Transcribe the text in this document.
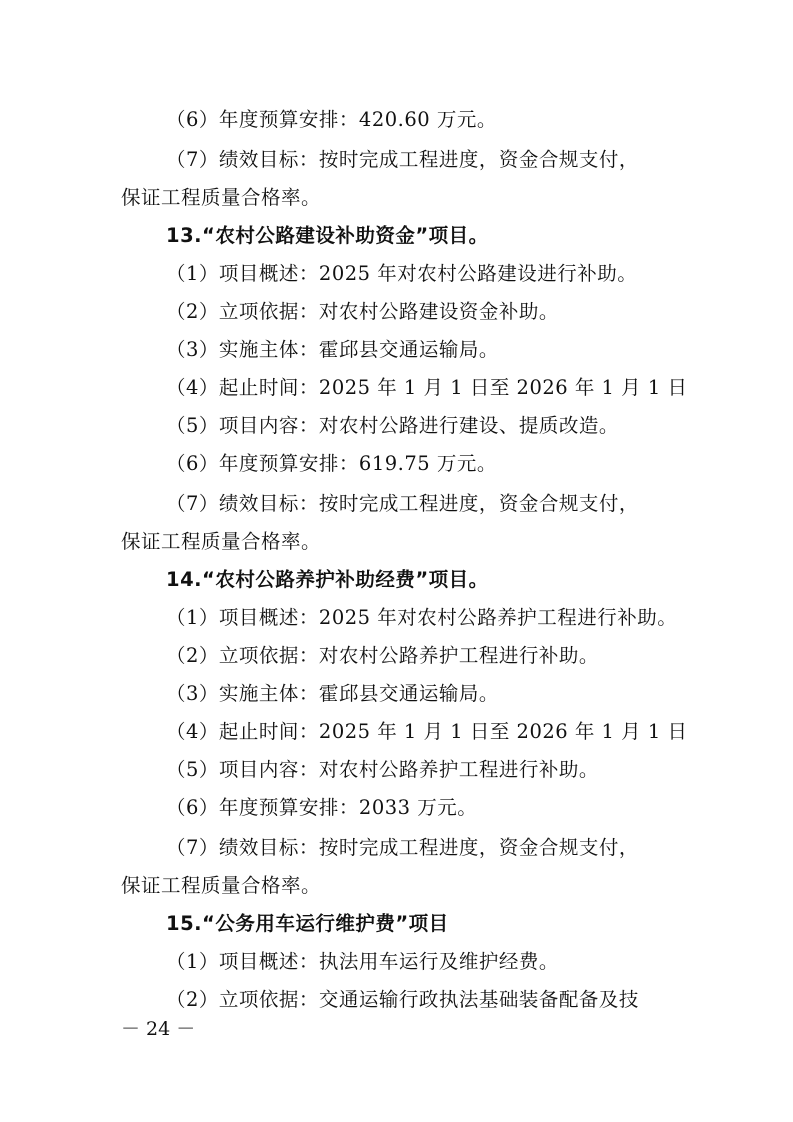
（6）年度预算安排：420.60 万元。
（7）绩效目标：按时完成工程进度，资金合规支付，
保证工程质量合格率。
13.“农村公路建设补助资金”项目。
（1）项目概述：2025 年对农村公路建设进行补助。
（2）立项依据：对农村公路建设资金补助。
（3）实施主体：霍邱县交通运输局。
（4）起止时间：2025 年 1 月 1 日至 2026 年 1 月 1 日
（5）项目内容：对农村公路进行建设、提质改造。
（6）年度预算安排：619.75 万元。
（7）绩效目标：按时完成工程进度，资金合规支付，
保证工程质量合格率。
14.“农村公路养护补助经费”项目。
（1）项目概述：2025 年对农村公路养护工程进行补助。
（2）立项依据：对农村公路养护工程进行补助。
（3）实施主体：霍邱县交通运输局。
（4）起止时间：2025 年 1 月 1 日至 2026 年 1 月 1 日
（5）项目内容：对农村公路养护工程进行补助。
（6）年度预算安排：2033 万元。
（7）绩效目标：按时完成工程进度，资金合规支付，
保证工程质量合格率。
15.“公务用车运行维护费”项目
（1）项目概述：执法用车运行及维护经费。
（2）立项依据：交通运输行政执法基础装备配备及技
－ 24 －
